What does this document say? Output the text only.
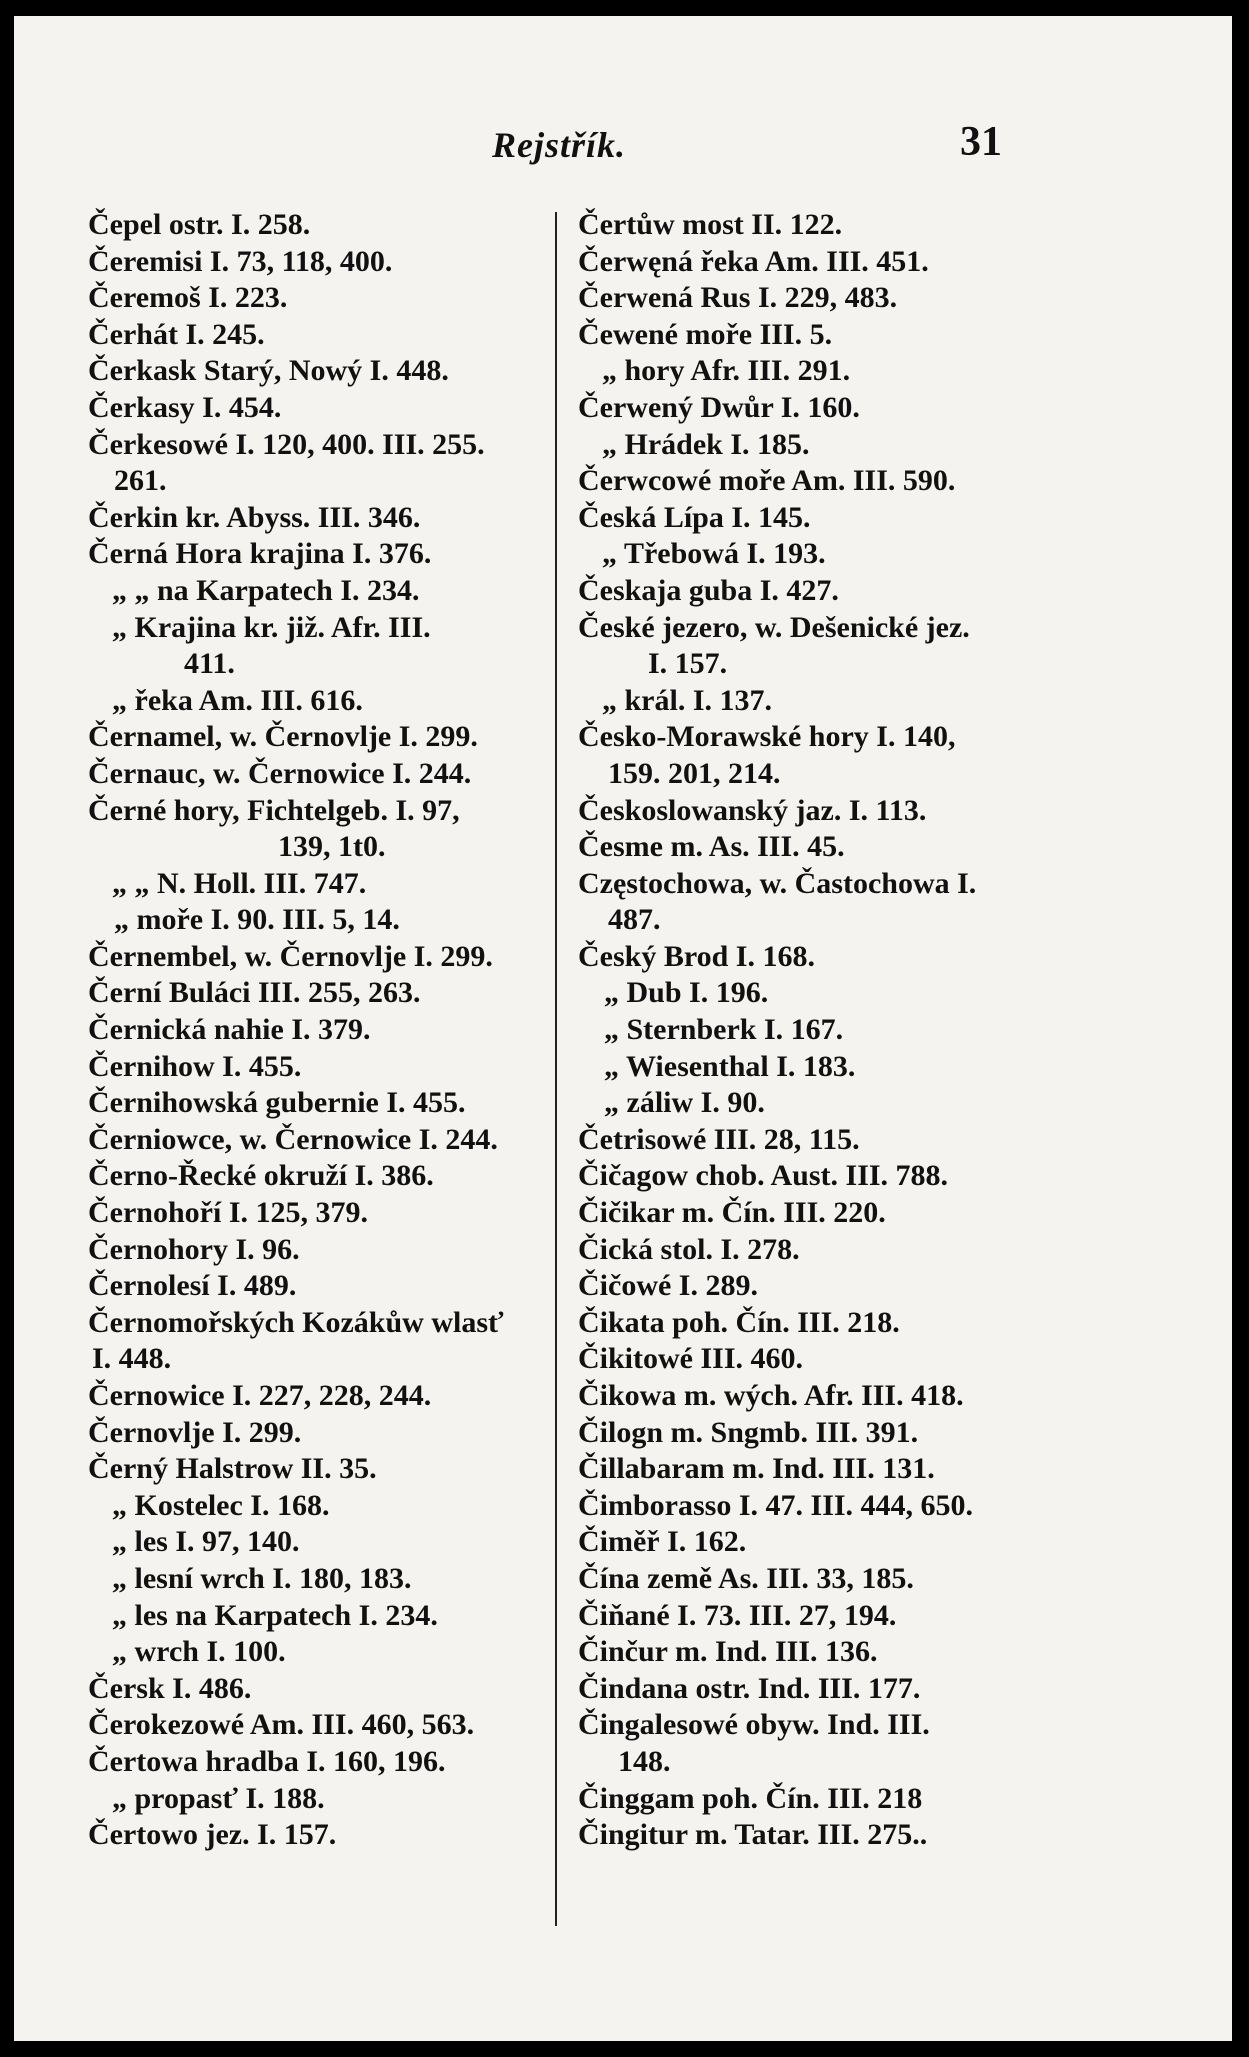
Rejstřík.	31
Čepel ostr. I. 258.
Čeremisi I. 73, 118, 400.
Čeremoš I. 223.
Čerhát I. 245.
Čerkask Starý, Nowý I. 448.
Čerkasy I. 454.
Čerkesowé I. 120, 400. III. 255.
261.
Čerkin kr. Abyss. III. 346.
Černá Hora krajina I. 376.
„ „ na Karpatech I. 234.
„ Krajina kr. již. Afr. III.
411.
„ řeka Am. III. 616.
Černamel, w. Černovlje I. 299.
Černauc, w. Černowice I. 244.
Černé hory, Fichtelgeb. I. 97,
139, 1t0.
„ „ N. Holl. III. 747.
„ moře I. 90. III. 5, 14.
Černembel, w. Černovlje I. 299.
Černí Buláci III. 255, 263.
Černická nahie I. 379.
Černihow I. 455.
Černihowská gubernie I. 455.
Černiowce, w. Černowice I. 244.
Černo-Řecké okruží I. 386.
Černohoří I. 125, 379.
Černohory I. 96.
Černolesí I. 489.
Černomořských Kozákůw wlasť
I. 448.
Černowice I. 227, 228, 244.
Černovlje I. 299.
Černý Halstrow II. 35.
„ Kostelec I. 168.
„ les I. 97, 140.
„ lesní wrch I. 180, 183.
„ les na Karpatech I. 234.
„ wrch I. 100.
Čersk I. 486.
Čerokezowé Am. III. 460, 563.
Čertowa hradba I. 160, 196.
„ propasť I. 188.
Čertowo jez. I. 157.
Čertůw most II. 122.
Čerwęná řeka Am. III. 451.
Čerwená Rus I. 229, 483.
Čewené moře III. 5.
„ hory Afr. III. 291.
Čerwený Dwůr I. 160.
„ Hrádek I. 185.
Čerwcowé moře Am. III. 590.
Česká Lípa I. 145.
„ Třebowá I. 193.
Českaja guba I. 427.
České jezero, w. Dešenické jez.
I. 157.
„ král. I. 137.
Česko-Morawské hory I. 140,
159. 201, 214.
Českoslowanský jaz. I. 113.
Česme m. As. III. 45.
Częstochowa, w. Častochowa I.
487.
Český Brod I. 168.
„ Dub I. 196.
„ Sternberk I. 167.
„ Wiesenthal I. 183.
„ záliw I. 90.
Četrisowé III. 28, 115.
Čičagow chob. Aust. III. 788.
Čičikar m. Čín. III. 220.
Čická stol. I. 278.
Čičowé I. 289.
Čikata poh. Čín. III. 218.
Čikitowé III. 460.
Čikowa m. wých. Afr. III. 418.
Čilogn m. Sngmb. III. 391.
Čillabaram m. Ind. III. 131.
Čimborasso I. 47. III. 444, 650.
Čiměř I. 162.
Čína země As. III. 33, 185.
Čiňané I. 73. III. 27, 194.
Činčur m. Ind. III. 136.
Čindana ostr. Ind. III. 177.
Čingalesowé obyw. Ind. III.
148.
Činggam poh. Čín. III. 218
Čingitur m. Tatar. III. 275..
